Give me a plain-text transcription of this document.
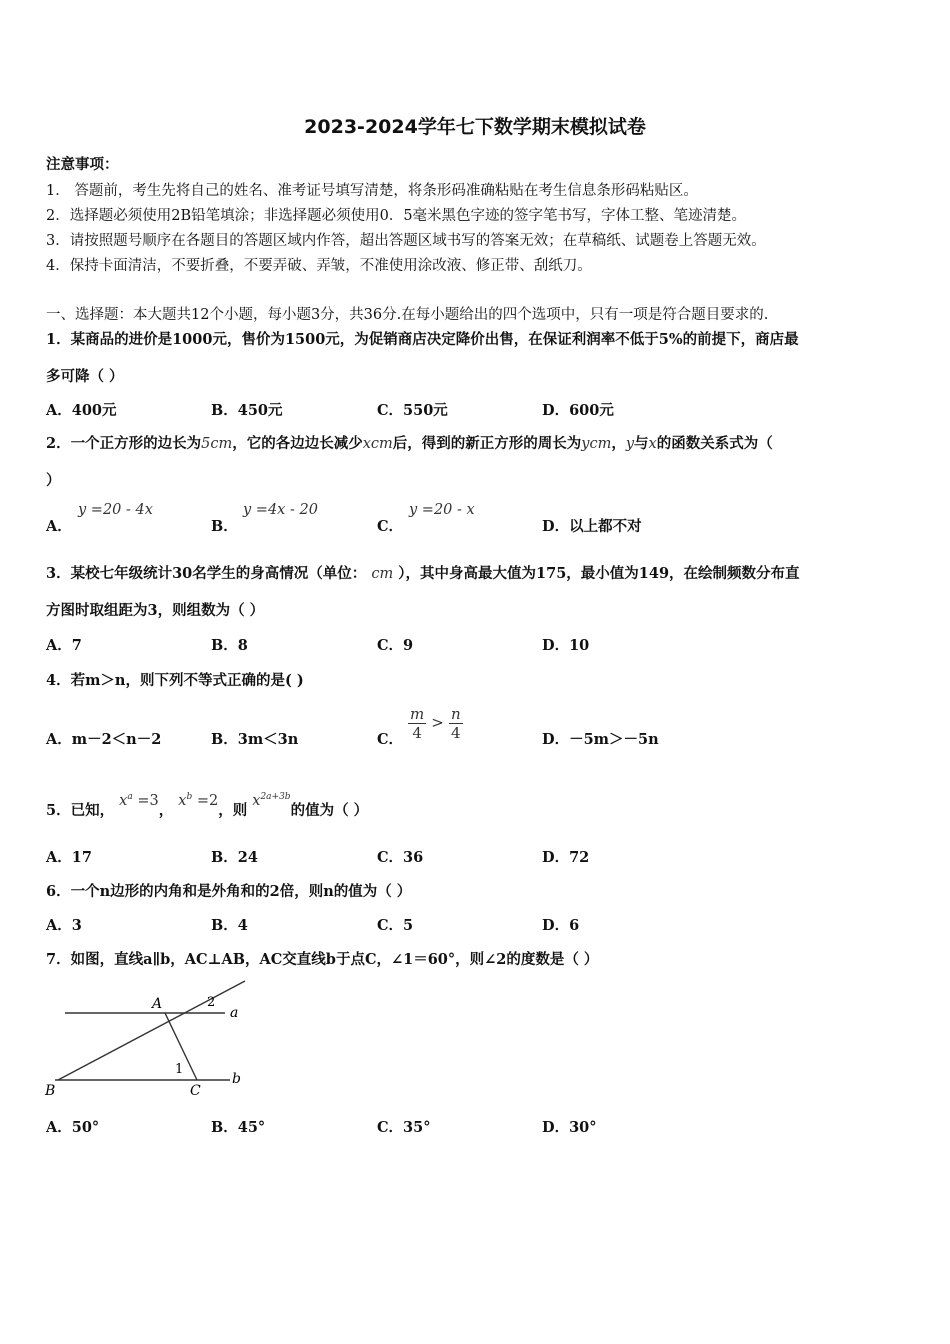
2023-2024学年七下数学期末模拟试卷
注意事项：
1． 答题前，考生先将自己的姓名、准考证号填写清楚，将条形码准确粘贴在考生信息条形码粘贴区。
2．选择题必须使用2B铅笔填涂；非选择题必须使用0．5毫米黑色字迹的签字笔书写，字体工整、笔迹清楚。
3．请按照题号顺序在各题目的答题区域内作答，超出答题区域书写的答案无效；在草稿纸、试题卷上答题无效。
4．保持卡面清洁，不要折叠，不要弄破、弄皱，不准使用涂改液、修正带、刮纸刀。
一、选择题：本大题共12个小题，每小题3分，共36分.在每小题给出的四个选项中，只有一项是符合题目要求的.
1．某商品的进价是1000元，售价为1500元，为促销商店决定降价出售，在保证利润率不低于5%的前提下，商店最
多可降（ ）
A．400元	B．450元	C．550元	D．600元
2．一个正方形的边长为5cm，它的各边边长减少xcm后，得到的新正方形的周长为ycm，y与x的函数关系式为（
）
A．
y =20 - 4x
B．
y =4x - 20
C．
y =20 - x
D．以上都不对
3．某校七年级统计30名学生的身高情况（单位： cm ），其中身高最大值为175，最小值为149，在绘制频数分布直
方图时取组距为3，则组数为（ ）
A．7	B．8	C．9	D．10
4．若m＞n，则下列不等式正确的是( )
A．m－2＜n－2	B．3m＜3n	C． $\frac{m}{4} > \frac{n}{4}$	D．－5m＞－5n
5．已知， $x^a =3$， $x^b =2$，则 $x^{2a+3b}$的值为（ ）
A．17	B．24	C．36	D．72
6．一个n边形的内角和是外角和的2倍，则n的值为（ ）
A．3	B．4	C．5	D．6
7．如图，直线a∥b，AC⊥AB，AC交直线b于点C，∠1＝60°，则∠2的度数是（ ）
A
B	C
a
b
1
2
A．50°	B．45°	C．35°	D．30°
